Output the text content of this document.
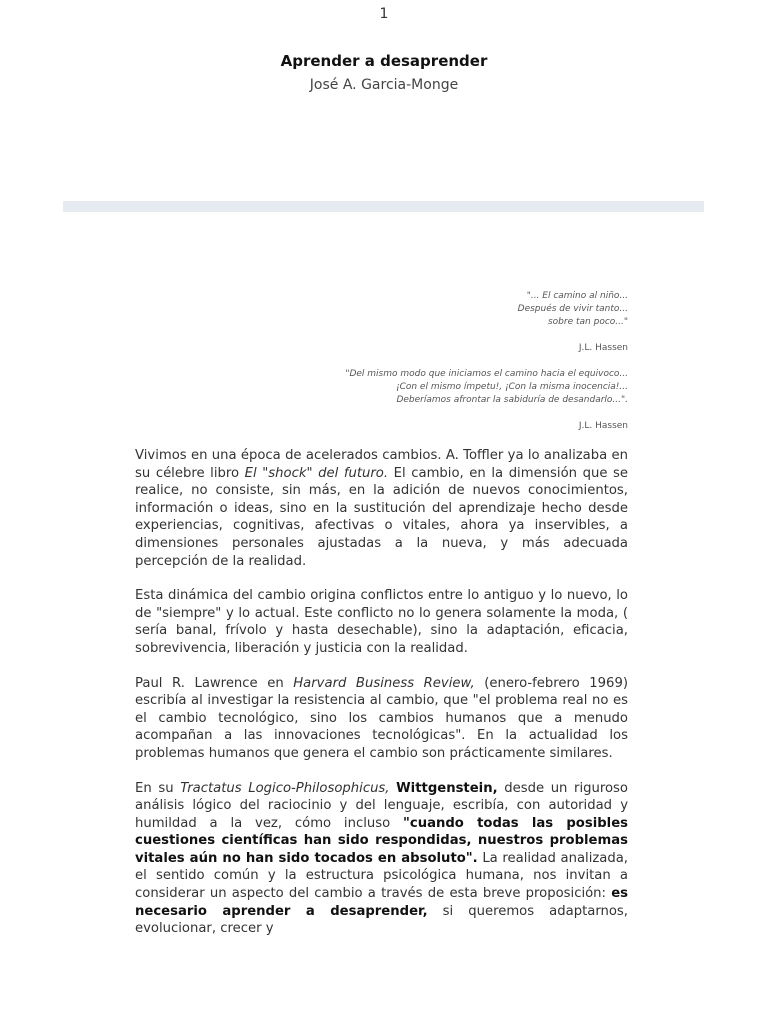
1
Aprender a desaprender
José A. Garcia-Monge
"... El camino al niño...
Después de vivir tanto...
sobre tan poco..."
J.L. Hassen
"Del mismo modo que iniciamos el camino hacia el equivoco...
¡Con el mismo ímpetu!, ¡Con la misma inocencia!...
Deberíamos afrontar la sabiduría de desandarlo...".
J.L. Hassen

Vivimos en una época de acelerados cambios. A. Toffler ya lo analizaba en su célebre libro El "shock" del futuro. El cambio, en la dimensión que se realice, no consiste, sin más, en la adición de nuevos conocimientos, información o ideas, sino en la sustitución del aprendizaje hecho desde experiencias, cognitivas, afectivas o vitales, ahora ya inservibles, a dimensiones personales ajustadas a la nueva, y más adecuada percepción de la realidad.

Esta dinámica del cambio origina conflictos entre lo antiguo y lo nuevo, lo de "siempre" y lo actual. Este conflicto no lo genera solamente la moda, ( sería banal, frívolo y hasta desechable), sino la adaptación, eficacia, sobrevivencia, liberación y justicia con la realidad.

Paul R. Lawrence en Harvard Business Review, (enero-febrero 1969) escribía al investigar la resistencia al cambio, que "el problema real no es el cambio tecnológico, sino los cambios humanos que a menudo acompañan a las innovaciones tecnológicas". En la actualidad los problemas humanos que genera el cambio son prácticamente similares.

En su Tractatus Logico-Philosophicus, Wittgenstein, desde un riguroso análisis lógico del raciocinio y del lenguaje, escribía, con autoridad y humildad a la vez, cómo incluso "cuando todas las posibles cuestiones científicas han sido respondidas, nuestros problemas vitales aún no han sido tocados en absoluto". La realidad analizada, el sentido común y la estructura psicológica humana, nos invitan a considerar un aspecto del cambio a través de esta breve proposición: es necesario aprender a desaprender, si queremos adaptarnos, evolucionar, crecer y
